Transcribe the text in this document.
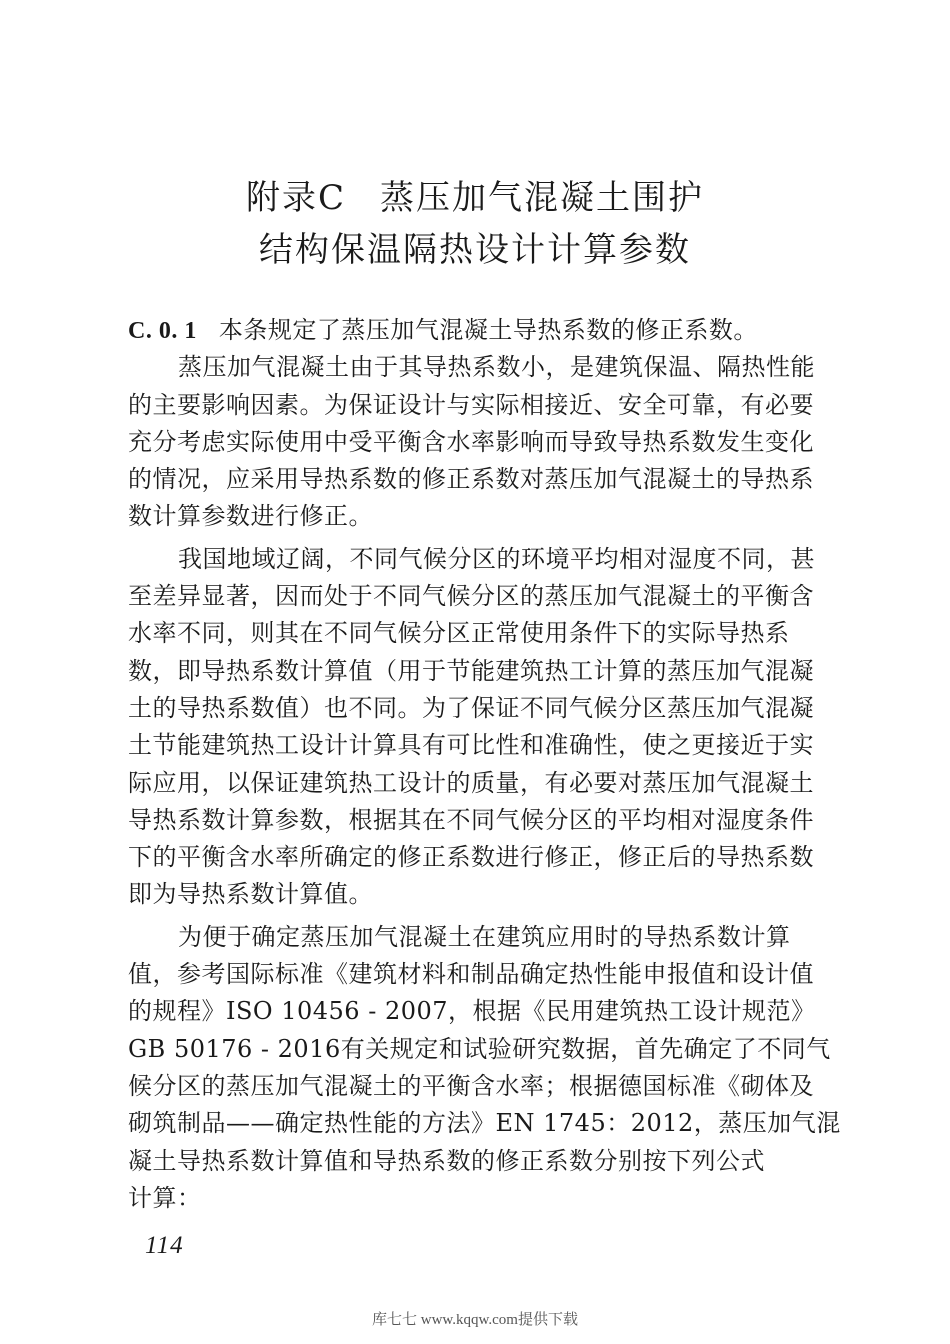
附录C 蒸压加气混凝土围护
结构保温隔热设计计算参数
C. 0. 1 本条规定了蒸压加气混凝土导热系数的修正系数。
蒸压加气混凝土由于其导热系数小，是建筑保温、隔热性能
的主要影响因素。为保证设计与实际相接近、安全可靠，有必要
充分考虑实际使用中受平衡含水率影响而导致导热系数发生变化
的情况，应采用导热系数的修正系数对蒸压加气混凝土的导热系
数计算参数进行修正。
我国地域辽阔，不同气候分区的环境平均相对湿度不同，甚
至差异显著，因而处于不同气候分区的蒸压加气混凝土的平衡含
水率不同，则其在不同气候分区正常使用条件下的实际导热系
数，即导热系数计算值（用于节能建筑热工计算的蒸压加气混凝
土的导热系数值）也不同。为了保证不同气候分区蒸压加气混凝
土节能建筑热工设计计算具有可比性和准确性，使之更接近于实
际应用，以保证建筑热工设计的质量，有必要对蒸压加气混凝土
导热系数计算参数，根据其在不同气候分区的平均相对湿度条件
下的平衡含水率所确定的修正系数进行修正，修正后的导热系数
即为导热系数计算值。
为便于确定蒸压加气混凝土在建筑应用时的导热系数计算
值，参考国际标准《建筑材料和制品确定热性能申报值和设计值
的规程》ISO 10456 - 2007，根据《民用建筑热工设计规范》
GB 50176 - 2016有关规定和试验研究数据，首先确定了不同气
候分区的蒸压加气混凝土的平衡含水率；根据德国标准《砌体及
砌筑制品——确定热性能的方法》EN 1745：2012，蒸压加气混
凝土导热系数计算值和导热系数的修正系数分别按下列公式
计算：
114
库七七 www.kqqw.com提供下载
